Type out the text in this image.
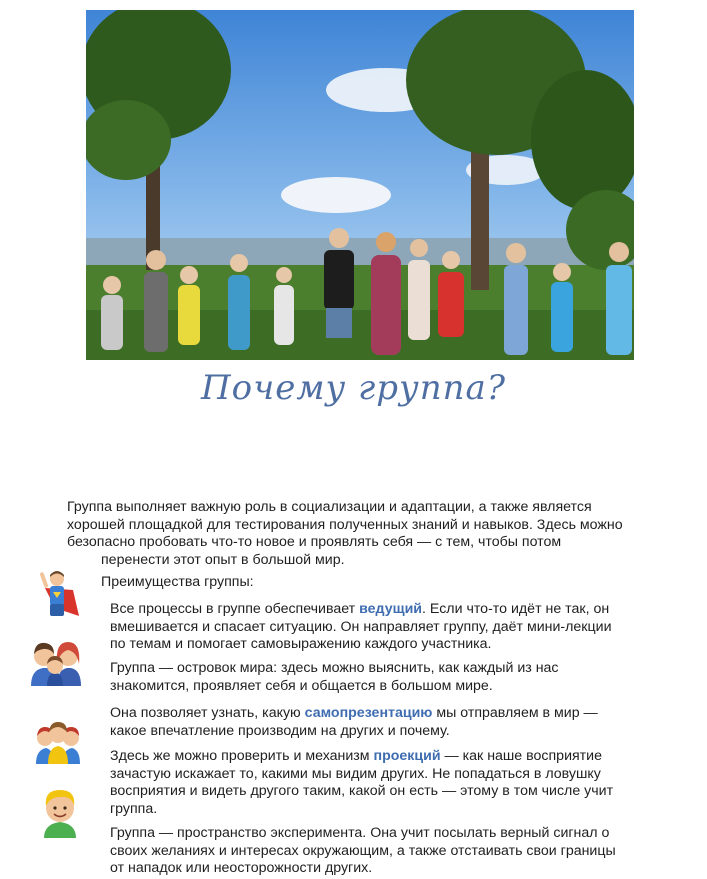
Почему группа?
Группа выполняет важную роль в социализации и адаптации, а также является
хорошей площадкой для тестирования полученных знаний и навыков. Здесь можно
безопасно пробовать что-то новое и проявлять себя — с тем, чтобы потом
перенести этот опыт в большой мир.

Преимущества группы:

Все процессы в группе обеспечивает ведущий. Если что-то идёт не так, он вмешивается и спасает ситуацию. Он направляет группу, даёт мини-лекции по темам и помогает самовыражению каждого участника.

Группа — островок мира: здесь можно выяснить, как каждый из нас знакомится, проявляет себя и общается в большом мире.

Она позволяет узнать, какую самопрезентацию мы отправляем в мир — какое впечатление производим на других и почему.

Здесь же можно проверить и механизм проекций — как наше восприятие зачастую искажает то, какими мы видим других. Не попадаться в ловушку восприятия и видеть другого таким, какой он есть — этому в том числе учит группа.

Группа — пространство эксперимента. Она учит посылать верный сигнал о своих желаниях и интересах окружающим, а также отстаивать свои границы от нападок или неосторожности других.
